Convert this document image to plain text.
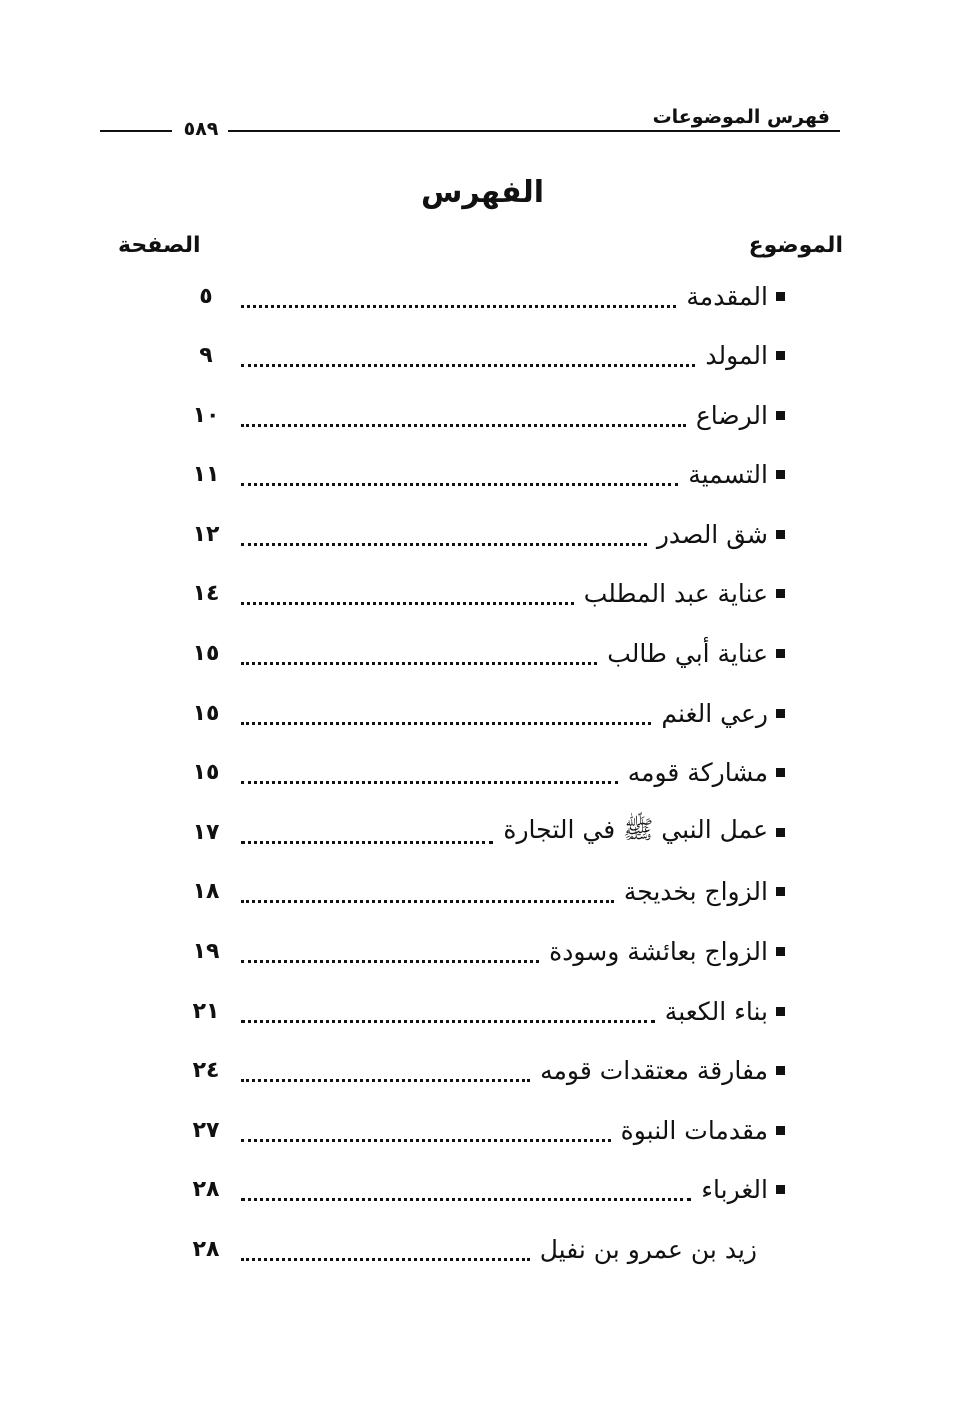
٥٨٩
فهرس الموضوعات
الفهرس
الموضوع
الصفحة
المقدمة
٥
المولد
٩
الرضاع
١٠
التسمية
١١
شق الصدر
١٢
عناية عبد المطلب
١٤
عناية أبي طالب
١٥
رعي الغنم
١٥
مشاركة قومه
١٥
عمل النبي ﷺ في التجارة
١٧
الزواج بخديجة
١٨
الزواج بعائشة وسودة
١٩
بناء الكعبة
٢١
مفارقة معتقدات قومه
٢٤
مقدمات النبوة
٢٧
الغرباء
٢٨
زيد بن عمرو بن نفيل
٢٨
